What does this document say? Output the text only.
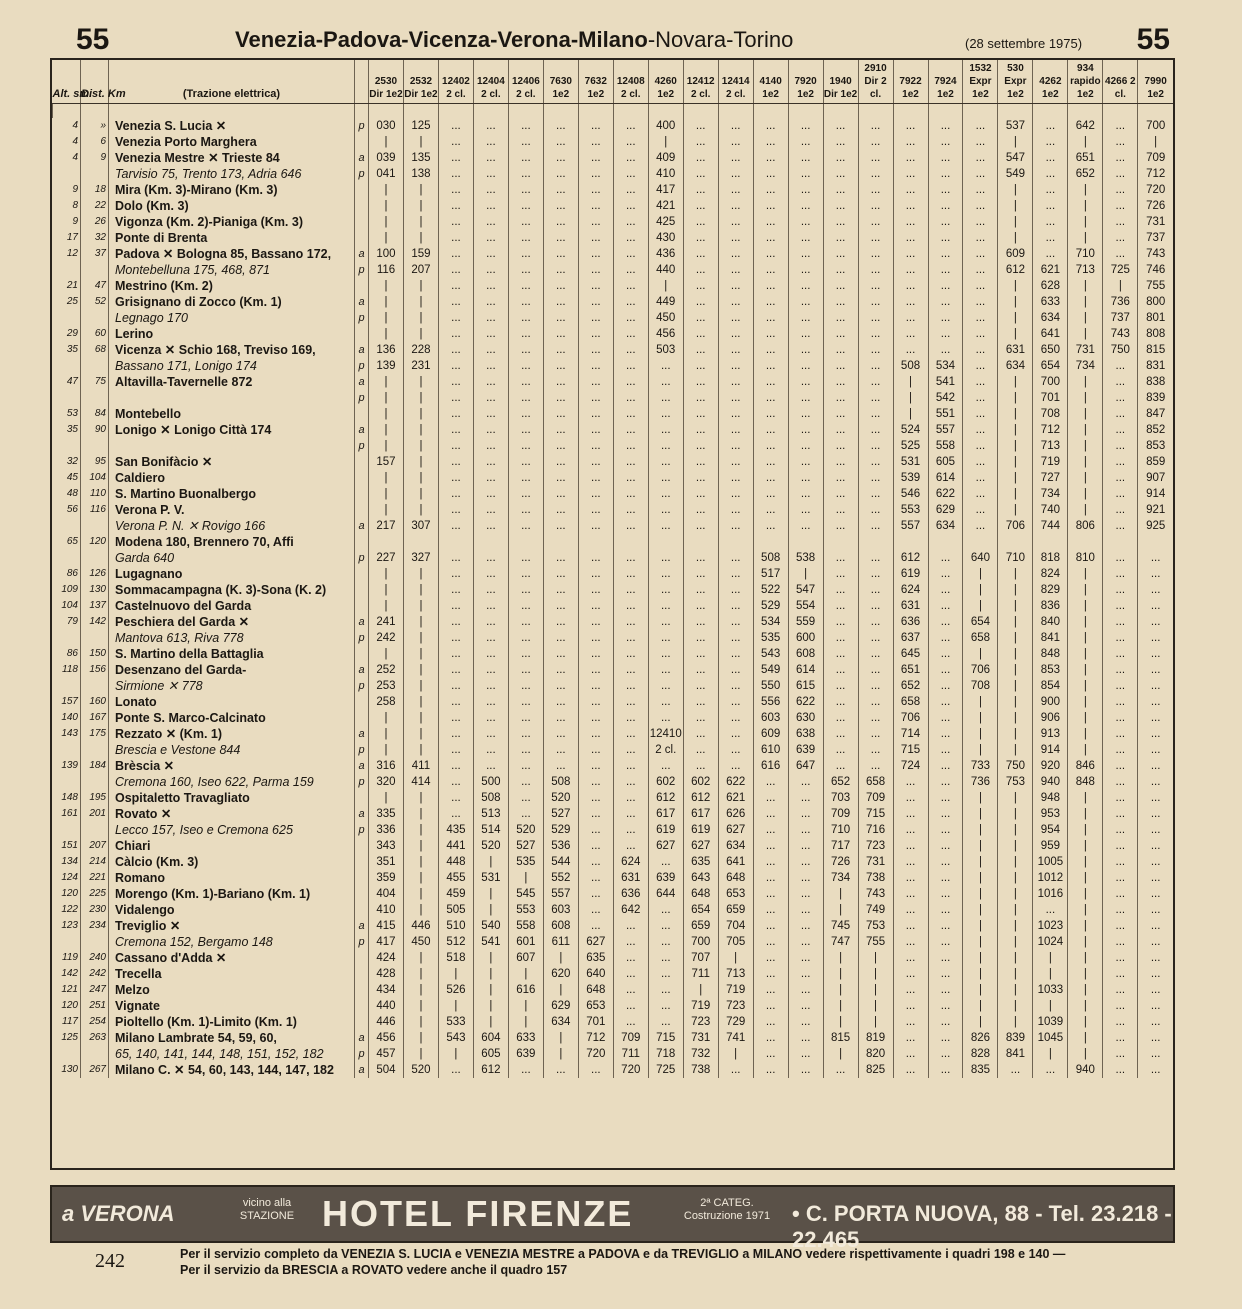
55	Venezia-Padova-Vicenza-Verona-Milano-Novara-Torino	(28 settembre 1975) 55
Alt. sm.	Dist. Km	(Trazione elettrica)		2530 Dir 1e2	2532 Dir 1e2	12402 2 cl.	12404 2 cl.	12406 2 cl.	7630 1e2	7632 1e2	12408 2 cl.	4260 1e2	12412 2 cl.	12414 2 cl.	4140 1e2	7920 1e2	1940 Dir 1e2	2910 Dir 2 cl.	7922 1e2	7924 1e2	1532 Expr 1e2	530 Expr 1e2	4262 1e2	934 rapido 1e2	4266 2 cl.	7990 1e2

4	»	Venezia S. Lucia ✕	p	030	125	...	...	...	...	...	...	400	...	...	...	...	...	...	...	...	...	537	...	642	...	700
4	6	Venezia Porto Marghera		|	|	...	...	...	...	...	...	|	...	...	...	...	...	...	...	...	...	|	...	|	...	|
4	9	Venezia Mestre ✕ Trieste 84	a	039	135	...	...	...	...	...	...	409	...	...	...	...	...	...	...	...	...	547	...	651	...	709
		Tarvisio 75, Trento 173, Adria 646	p	041	138	...	...	...	...	...	...	410	...	...	...	...	...	...	...	...	...	549	...	652	...	712
9	18	Mira (Km. 3)-Mirano (Km. 3)		|	|	...	...	...	...	...	...	417	...	...	...	...	...	...	...	...	...	|	...	|	...	720
8	22	Dolo (Km. 3)		|	|	...	...	...	...	...	...	421	...	...	...	...	...	...	...	...	...	|	...	|	...	726
9	26	Vigonza (Km. 2)-Pianiga (Km. 3)		|	|	...	...	...	...	...	...	425	...	...	...	...	...	...	...	...	...	|	...	|	...	731
17	32	Ponte di Brenta		|	|	...	...	...	...	...	...	430	...	...	...	...	...	...	...	...	...	|	...	|	...	737
12	37	Padova ✕ Bologna 85, Bassano 172,	a	100	159	...	...	...	...	...	...	436	...	...	...	...	...	...	...	...	...	609	...	710	...	743
		Montebelluna 175, 468, 871	p	116	207	...	...	...	...	...	...	440	...	...	...	...	...	...	...	...	...	612	621	713	725	746
21	47	Mestrino (Km. 2)		|	|	...	...	...	...	...	...	|	...	...	...	...	...	...	...	...	...	|	628	|	|	755
25	52	Grisignano di Zocco (Km. 1)	a	|	|	...	...	...	...	...	...	449	...	...	...	...	...	...	...	...	...	|	633	|	736	800
		Legnago 170	p	|	|	...	...	...	...	...	...	450	...	...	...	...	...	...	...	...	...	|	634	|	737	801
29	60	Lerino		|	|	...	...	...	...	...	...	456	...	...	...	...	...	...	...	...	...	|	641	|	743	808
35	68	Vicenza ✕ Schio 168, Treviso 169,	a	136	228	...	...	...	...	...	...	503	...	...	...	...	...	...	...	...	...	631	650	731	750	815
		Bassano 171, Lonigo 174	p	139	231	...	...	...	...	...	...	...	...	...	...	...	...	...	508	534	...	634	654	734	...	831
47	75	Altavilla-Tavernelle 872	a	|	|	...	...	...	...	...	...	...	...	...	...	...	...	...	|	541	...	|	700	|	...	838
			p	|	|	...	...	...	...	...	...	...	...	...	...	...	...	...	|	542	...	|	701	|	...	839
53	84	Montebello		|	|	...	...	...	...	...	...	...	...	...	...	...	...	...	|	551	...	|	708	|	...	847
35	90	Lonigo ✕ Lonigo Città 174	a	|	|	...	...	...	...	...	...	...	...	...	...	...	...	...	524	557	...	|	712	|	...	852
			p	|	|	...	...	...	...	...	...	...	...	...	...	...	...	...	525	558	...	|	713	|	...	853
32	95	San Bonifàcio ✕		157	|	...	...	...	...	...	...	...	...	...	...	...	...	...	531	605	...	|	719	|	...	859
45	104	Caldiero		|	|	...	...	...	...	...	...	...	...	...	...	...	...	...	539	614	...	|	727	|	...	907
48	110	S. Martino Buonalbergo		|	|	...	...	...	...	...	...	...	...	...	...	...	...	...	546	622	...	|	734	|	...	914
56	116	Verona P. V.		|	|	...	...	...	...	...	...	...	...	...	...	...	...	...	553	629	...	|	740	|	...	921
		Verona P. N. ✕ Rovigo 166	a	217	307	...	...	...	...	...	...	...	...	...	...	...	...	...	557	634	...	706	744	806	...	925
65	120	Modena 180, Brennero 70, Affi																								
		Garda 640	p	227	327	...	...	...	...	...	...	...	...	...	508	538	...	...	612	...	640	710	818	810	...	...
86	126	Lugagnano		|	|	...	...	...	...	...	...	...	...	...	517	|	...	...	619	...	|	|	824	|	...	...
109	130	Sommacampagna (K. 3)-Sona (K. 2)		|	|	...	...	...	...	...	...	...	...	...	522	547	...	...	624	...	|	|	829	|	...	...
104	137	Castelnuovo del Garda		|	|	...	...	...	...	...	...	...	...	...	529	554	...	...	631	...	|	|	836	|	...	...
79	142	Peschiera del Garda ✕	a	241	|	...	...	...	...	...	...	...	...	...	534	559	...	...	636	...	654	|	840	|	...	...
		Mantova 613, Riva 778	p	242	|	...	...	...	...	...	...	...	...	...	535	600	...	...	637	...	658	|	841	|	...	...
86	150	S. Martino della Battaglia		|	|	...	...	...	...	...	...	...	...	...	543	608	...	...	645	...	|	|	848	|	...	...
118	156	Desenzano del Garda-	a	252	|	...	...	...	...	...	...	...	...	...	549	614	...	...	651	...	706	|	853	|	...	...
		Sirmione ✕ 778	p	253	|	...	...	...	...	...	...	...	...	...	550	615	...	...	652	...	708	|	854	|	...	...
157	160	Lonato		258	|	...	...	...	...	...	...	...	...	...	556	622	...	...	658	...	|	|	900	|	...	...
140	167	Ponte S. Marco-Calcinato		|	|	...	...	...	...	...	...	...	...	...	603	630	...	...	706	...	|	|	906	|	...	...
143	175	Rezzato ✕ (Km. 1)	a	|	|	...	...	...	...	...	...	12410	...	...	609	638	...	...	714	...	|	|	913	|	...	...
		Brescia e Vestone 844	p	|	|	...	...	...	...	...	...	2 cl.	...	...	610	639	...	...	715	...	|	|	914	|	...	...
139	184	Brèscia ✕	a	316	411	...	...	...	...	...	...	...	...	...	616	647	...	...	724	...	733	750	920	846	...	...
		Cremona 160, Iseo 622, Parma 159	p	320	414	...	500	...	508	...	...	602	602	622	...	...	652	658	...	...	736	753	940	848	...	...
148	195	Ospitaletto Travagliato		|	|	...	508	...	520	...	...	612	612	621	...	...	703	709	...	...	|	|	948	|	...	...
161	201	Rovato ✕	a	335	|	...	513	...	527	...	...	617	617	626	...	...	709	715	...	...	|	|	953	|	...	...
		Lecco 157, Iseo e Cremona 625	p	336	|	435	514	520	529	...	...	619	619	627	...	...	710	716	...	...	|	|	954	|	...	...
151	207	Chiari		343	|	441	520	527	536	...	...	627	627	634	...	...	717	723	...	...	|	|	959	|	...	...
134	214	Càlcio (Km. 3)		351	|	448	|	535	544	...	624	...	635	641	...	...	726	731	...	...	|	|	1005	|	...	...
124	221	Romano		359	|	455	531	|	552	...	631	639	643	648	...	...	734	738	...	...	|	|	1012	|	...	...
120	225	Morengo (Km. 1)-Bariano (Km. 1)		404	|	459	|	545	557	...	636	644	648	653	...	...	|	743	...	...	|	|	1016	|	...	...
122	230	Vidalengo		410	|	505	|	553	603	...	642	...	654	659	...	...	|	749	...	...	|	|	...	|	...	...
123	234	Treviglio ✕	a	415	446	510	540	558	608	...	...	...	659	704	...	...	745	753	...	...	|	|	1023	|	...	...
		Cremona 152, Bergamo 148	p	417	450	512	541	601	611	627	...	...	700	705	...	...	747	755	...	...	|	|	1024	|	...	...
119	240	Cassano d'Adda ✕		424	|	518	|	607	|	635	...	...	707	|	...	...	|	|	...	...	|	|	|	|	...	...
142	242	Trecella		428	|	|	|	|	620	640	...	...	711	713	...	...	|	|	...	...	|	|	|	|	...	...
121	247	Melzo		434	|	526	|	616	|	648	...	...	|	719	...	...	|	|	...	...	|	|	1033	|	...	...
120	251	Vignate		440	|	|	|	|	629	653	...	...	719	723	...	...	|	|	...	...	|	|	|	|	...	...
117	254	Pioltello (Km. 1)-Limito (Km. 1)		446	|	533	|	|	634	701	...	...	723	729	...	...	|	|	...	...	|	|	1039	|	...	...
125	263	Milano Lambrate 54, 59, 60,	a	456	|	543	604	633	|	712	709	715	731	741	...	...	815	819	...	...	826	839	1045	|	...	...
		65, 140, 141, 144, 148, 151, 152, 182	p	457	|	|	605	639	|	720	711	718	732	|	...	...	|	820	...	...	828	841	|	|	...	...
130	267	Milano C. ✕ 54, 60, 143, 144, 147, 182	a	504	520	...	612	...	...	...	720	725	738	...	...	...	...	825	...	...	835	...	...	940	...	...
a VERONA	vicino alla STAZIONE HOTEL FIRENZE	2ª CATEG. Costruzione 1971 • C. PORTA NUOVA, 88 - Tel. 23.218 - 22.465
242	Per il servizio completo da VENEZIA S. LUCIA e VENEZIA MESTRE a PADOVA e da TREVIGLIO a MILANO vedere rispettivamente i quadri 198 e 140 — Per il servizio da BRESCIA a ROVATO vedere anche il quadro 157
